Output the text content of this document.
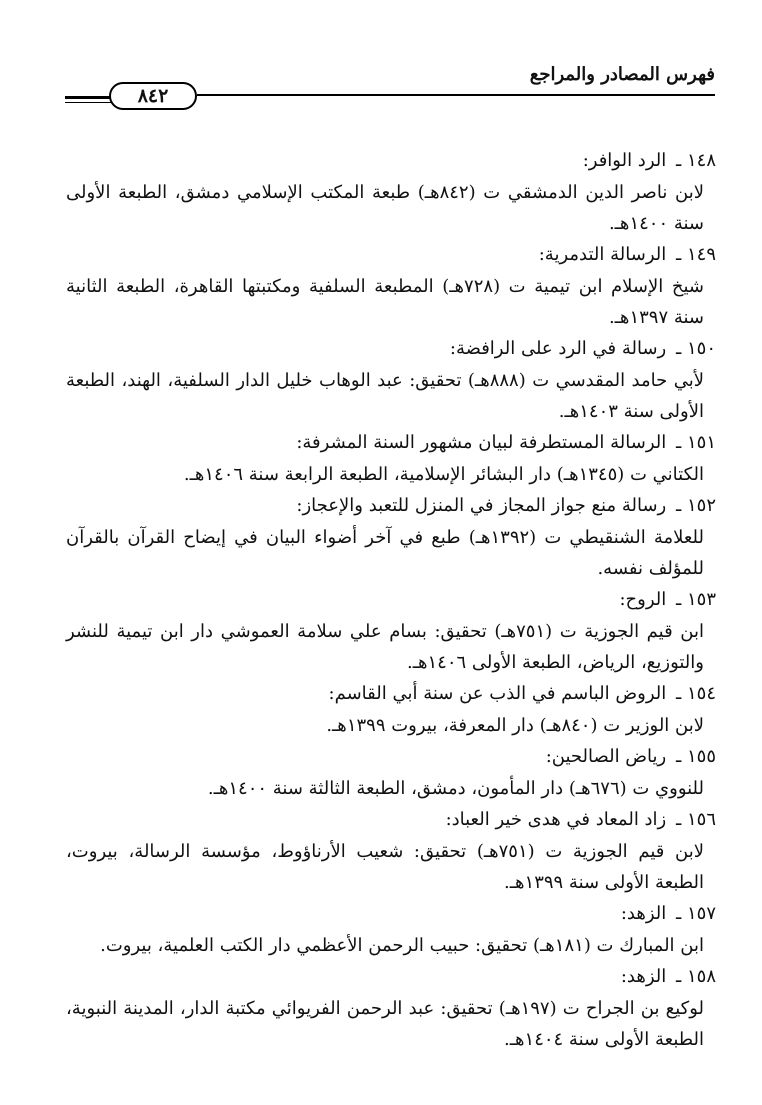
فهرس المصادر والمراجع
٨٤٢
١٤٨ ـ الرد الوافر:
لابن ناصر الدين الدمشقي ت (٨٤٢هـ) طبعة المكتب الإسلامي دمشق، الطبعة الأولى سنة ١٤٠٠هـ.
١٤٩ ـ الرسالة التدمرية:
شيخ الإسلام ابن تيمية ت (٧٢٨هـ) المطبعة السلفية ومكتبتها القاهرة، الطبعة الثانية سنة ١٣٩٧هـ.
١٥٠ ـ رسالة في الرد على الرافضة:
لأبي حامد المقدسي ت (٨٨٨هـ) تحقيق: عبد الوهاب خليل الدار السلفية، الهند، الطبعة الأولى سنة ١٤٠٣هـ.
١٥١ ـ الرسالة المستطرفة لبيان مشهور السنة المشرفة:
الكتاني ت (١٣٤٥هـ) دار البشائر الإسلامية، الطبعة الرابعة سنة ١٤٠٦هـ.
١٥٢ ـ رسالة منع جواز المجاز في المنزل للتعبد والإعجاز:
للعلامة الشنقيطي ت (١٣٩٢هـ) طبع في آخر أضواء البيان في إيضاح القرآن بالقرآن للمؤلف نفسه.
١٥٣ ـ الروح:
ابن قيم الجوزية ت (٧٥١هـ) تحقيق: بسام علي سلامة العموشي دار ابن تيمية للنشر والتوزيع، الرياض، الطبعة الأولى ١٤٠٦هـ.
١٥٤ ـ الروض الباسم في الذب عن سنة أبي القاسم:
لابن الوزير ت (٨٤٠هـ) دار المعرفة، بيروت ١٣٩٩هـ.
١٥٥ ـ رياض الصالحين:
للنووي ت (٦٧٦هـ) دار المأمون، دمشق، الطبعة الثالثة سنة ١٤٠٠هـ.
١٥٦ ـ زاد المعاد في هدى خير العباد:
لابن قيم الجوزية ت (٧٥١هـ) تحقيق: شعيب الأرناؤوط، مؤسسة الرسالة، بيروت، الطبعة الأولى سنة ١٣٩٩هـ.
١٥٧ ـ الزهد:
ابن المبارك ت (١٨١هـ) تحقيق: حبيب الرحمن الأعظمي دار الكتب العلمية، بيروت.
١٥٨ ـ الزهد:
لوكيع بن الجراح ت (١٩٧هـ) تحقيق: عبد الرحمن الفريوائي مكتبة الدار، المدينة النبوية، الطبعة الأولى سنة ١٤٠٤هـ.
